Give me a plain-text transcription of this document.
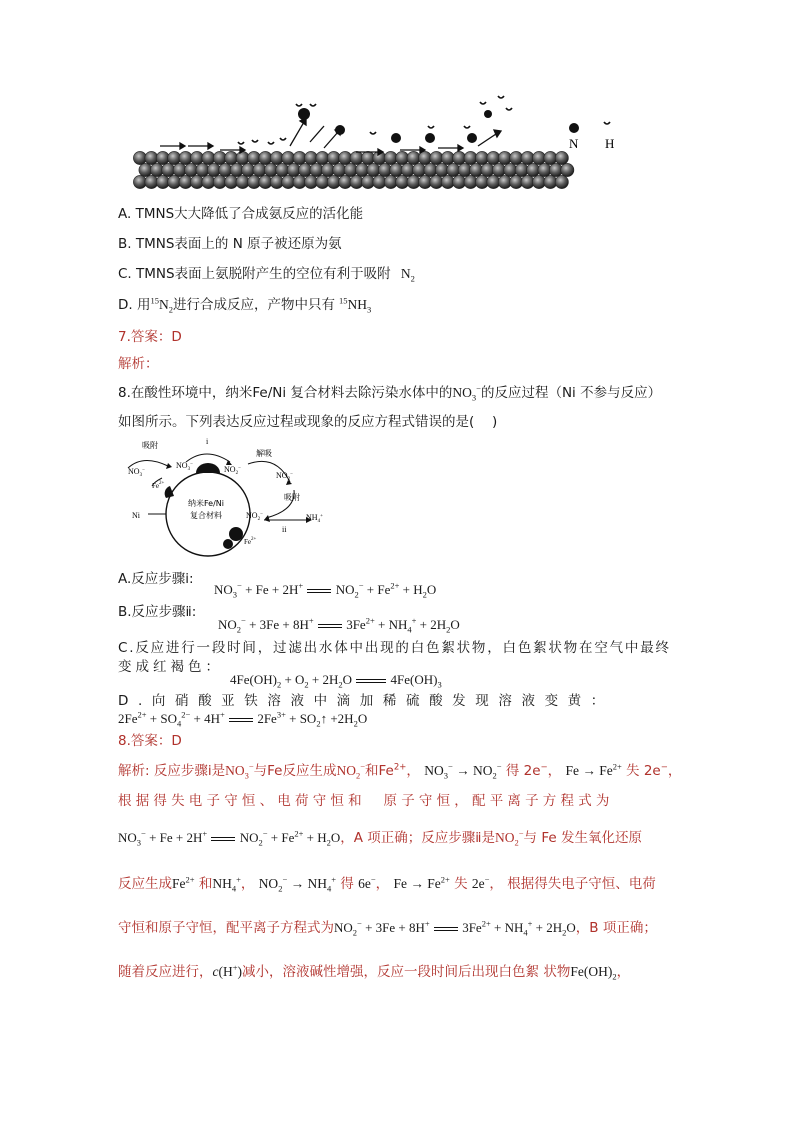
N H
A. TMNS大大降低了合成氨反应的活化能
B. TMNS表面上的 N 原子被还原为氨
C. TMNS表面上氨脱附产生的空位有利于吸附 $N_2$
D. 用$^{15}N_2$进行合成反应，产物中只有 $^{15}NH_3$
7.答案：D
解析：
8.在酸性环境中，纳米Fe/Ni 复合材料去除污染水体中的$NO_3^-$的反应过程（Ni 不参与反应）
如图所示。下列表达反应过程或现象的反应方程式错误的是(　 )
$NO_3^-$
$NO_3^-$
$NO_2^-$
$NO_2^-$
$NO_2^-$	$NH_4^+$
吸附
解吸
i
ii
吸附
纳米Fe/Ni
复合材料
Ni
$Fe^{2+}$
$Fe^{2+}$
A.反应步骤ⅰ:
$NO_3^- + Fe + 2H^+$  $NO_2^- + Fe^{2+} + H_2O$
B.反应步骤ⅱ:
$NO_2^- + 3Fe + 8H^+$  $3Fe^{2+} + NH_4^+ + 2H_2O$
C.反应进行一段时间，过滤出水体中出现的白色絮状物，白色絮状物在空气中最终
变成红褐色：
$4Fe(OH)_2 + O_2 + 2H_2O$  $4Fe(OH)_3$
D.向硝酸亚铁溶液中滴加稀硫酸发现溶液变黄：
$2Fe^{2+} + SO_4^{2-} + 4H^+$  $2Fe^{3+}$ + $SO_2↑ +2H_2O$
8.答案：D
解析: 反应步骤ⅰ是$NO_3^-$与Fe反应生成$NO_2^-$和$Fe^{2+}$， $NO_3^- \to NO_2^-$ 得 2e−， $Fe \to Fe^{2+}$ 失 2e−，
根据得失电子守恒、电荷守恒和　原子守恒，配平离子方程式为
$NO_3^- + Fe + 2H^+$  $NO_2^- + Fe^{2+} + H_2O$，A 项正确；反应步骤ⅱ是$NO_2^-$与 Fe 发生氧化还原
反应生成$Fe^{2+}$ 和$NH_4^+$， $NO_2^- \to NH_4^+$ 得 6e−， $Fe \to Fe^{2+}$ 失 2e−， 根据得失电子守恒、电荷
守恒和原子守恒，配平离子方程式为$NO_2^- + 3Fe + 8H^+$  $3Fe^{2+} + NH_4^+ + 2H_2O$，B 项正确；
随着反应进行，c(H+)减小，溶液碱性增强，反应一段时间后出现白色絮 状物$Fe(OH)_2$，
